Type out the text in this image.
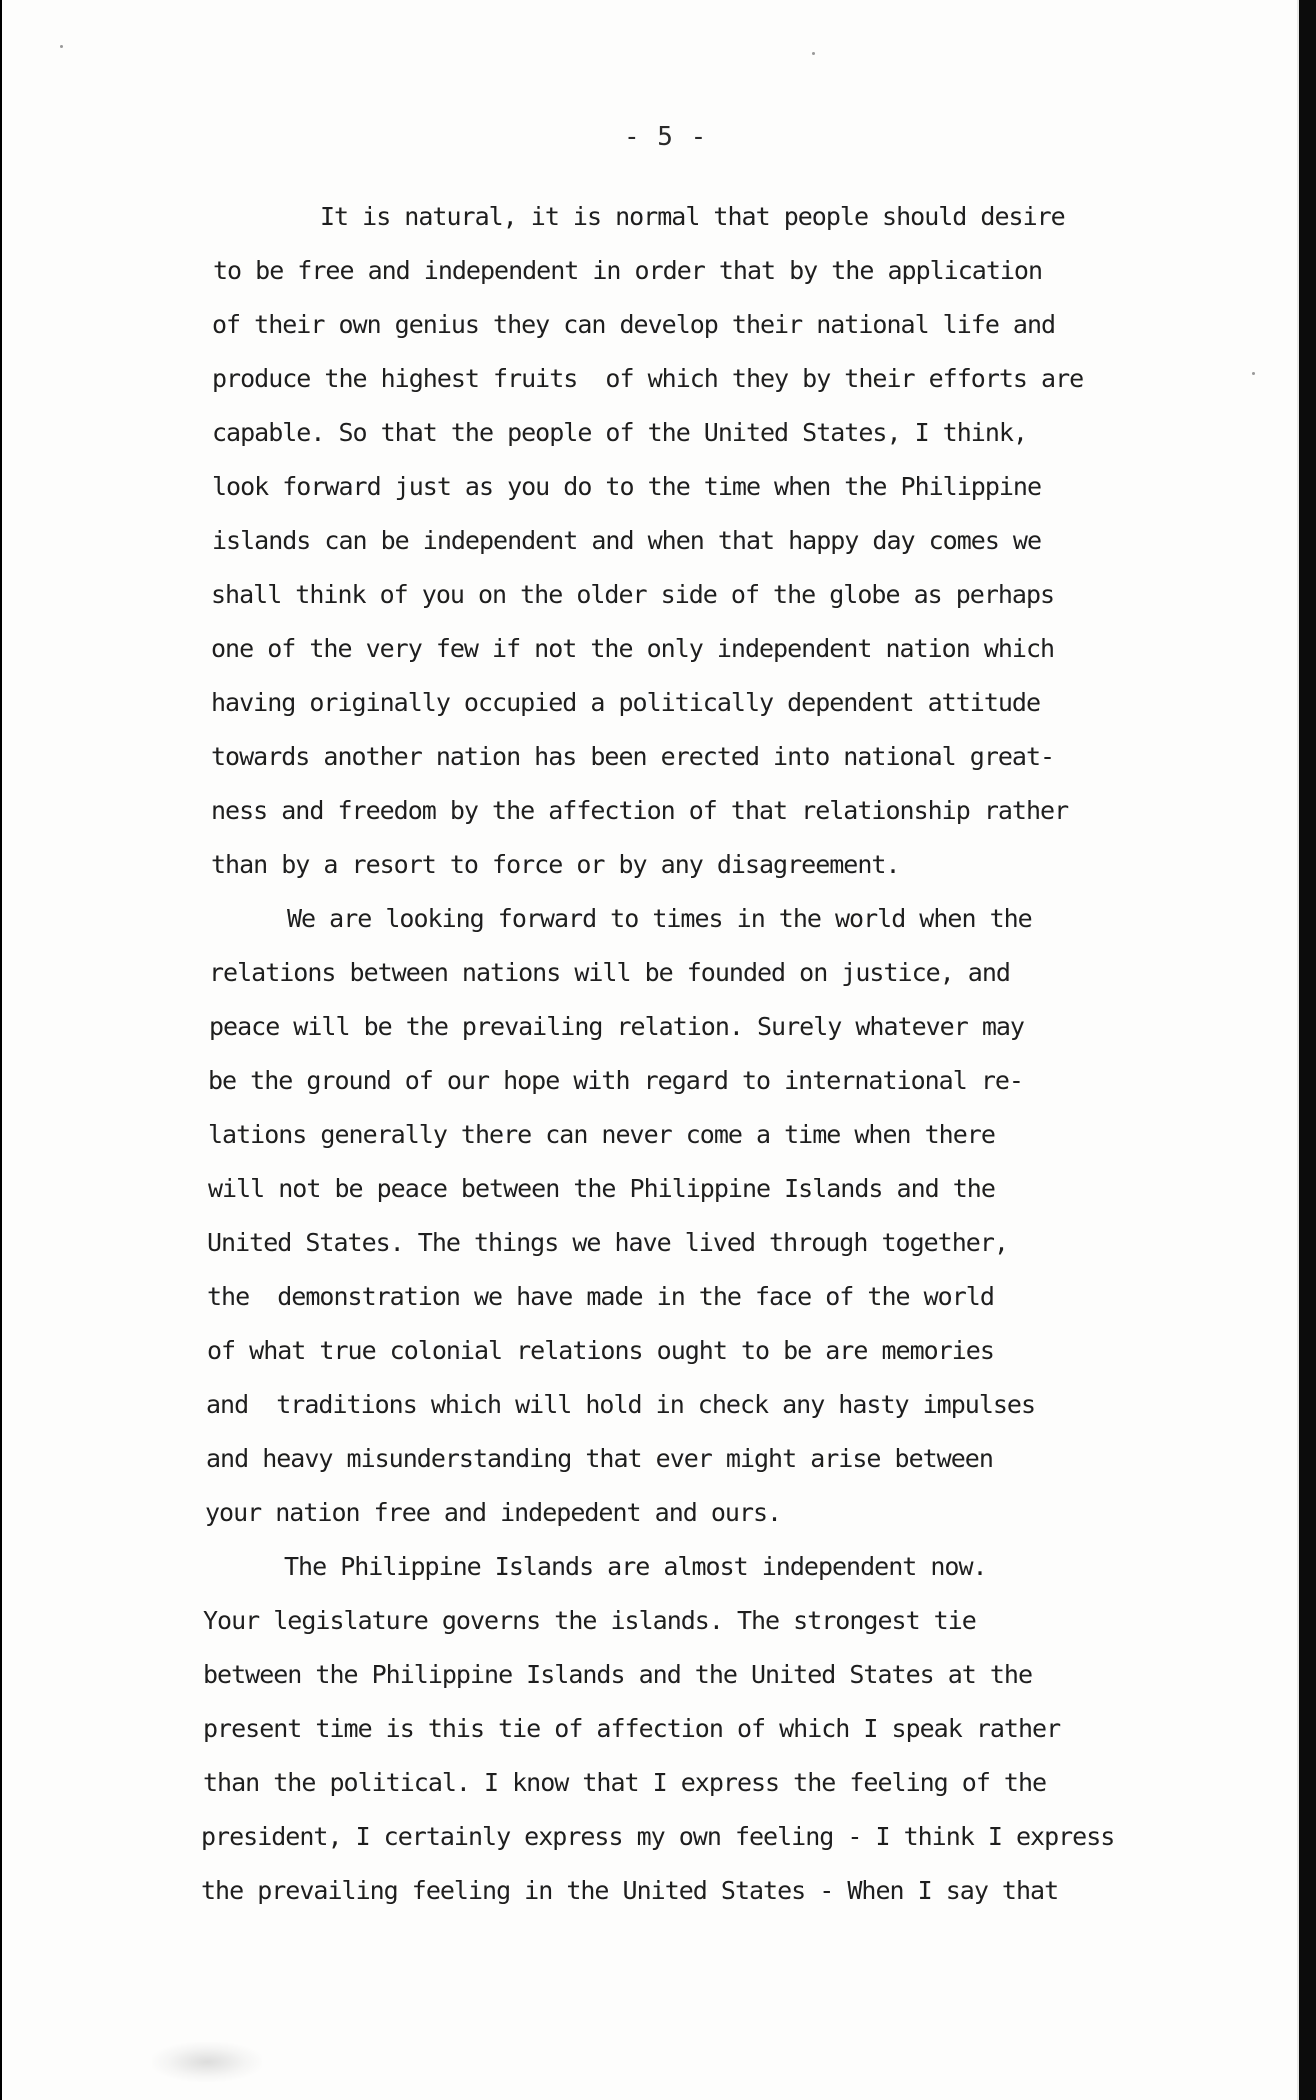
- 5 -
It is natural, it is normal that people should desire
to be free and independent in order that by the application
of their own genius they can develop their national life and
produce the highest fruits  of which they by their efforts are
capable. So that the people of the United States, I think,
look forward just as you do to the time when the Philippine
islands can be independent and when that happy day comes we
shall think of you on the older side of the globe as perhaps
one of the very few if not the only independent nation which
having originally occupied a politically dependent attitude
towards another nation has been erected into national great-
ness and freedom by the affection of that relationship rather
than by a resort to force or by any disagreement.
We are looking forward to times in the world when the
relations between nations will be founded on justice, and
peace will be the prevailing relation. Surely whatever may
be the ground of our hope with regard to international re-
lations generally there can never come a time when there
will not be peace between the Philippine Islands and the
United States. The things we have lived through together,
the  demonstration we have made in the face of the world
of what true colonial relations ought to be are memories
and  traditions which will hold in check any hasty impulses
and heavy misunderstanding that ever might arise between
your nation free and indepedent and ours.
The Philippine Islands are almost independent now.
Your legislature governs the islands. The strongest tie
between the Philippine Islands and the United States at the
present time is this tie of affection of which I speak rather
than the political. I know that I express the feeling of the
president, I certainly express my own feeling - I think I express
the prevailing feeling in the United States - When I say that
